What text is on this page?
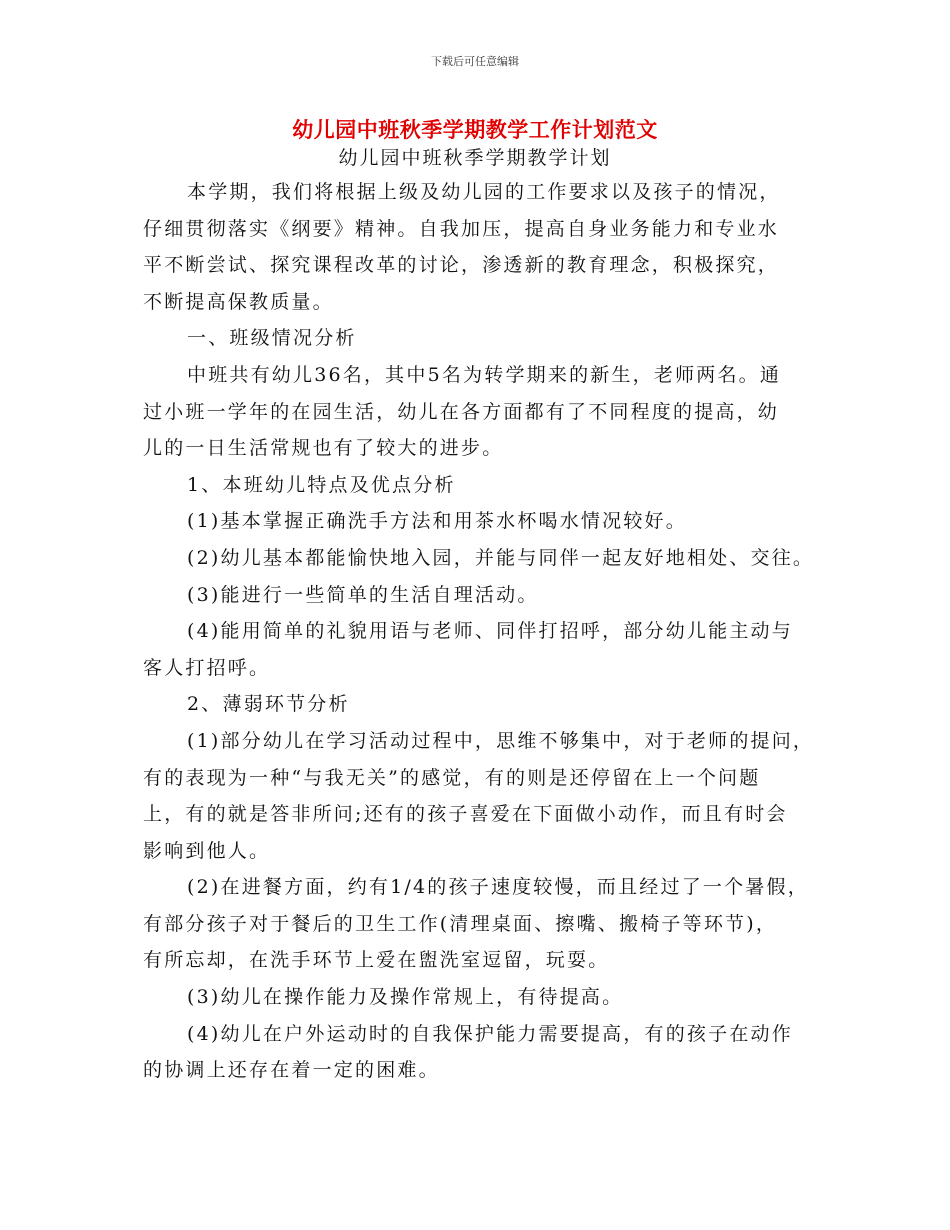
下载后可任意编辑
幼儿园中班秋季学期教学工作计划范文
幼儿园中班秋季学期教学计划
本学期，我们将根据上级及幼儿园的工作要求以及孩子的情况，
仔细贯彻落实《纲要》精神。自我加压，提高自身业务能力和专业水
平不断尝试、探究课程改革的讨论，渗透新的教育理念，积极探究，
不断提高保教质量。
一、班级情况分析
中班共有幼儿36名，其中5名为转学期来的新生，老师两名。通
过小班一学年的在园生活，幼儿在各方面都有了不同程度的提高，幼
儿的一日生活常规也有了较大的进步。
1、本班幼儿特点及优点分析
(1)基本掌握正确洗手方法和用茶水杯喝水情况较好。
(2)幼儿基本都能愉快地入园，并能与同伴一起友好地相处、交往。
(3)能进行一些简单的生活自理活动。
(4)能用简单的礼貌用语与老师、同伴打招呼，部分幼儿能主动与
客人打招呼。
2、薄弱环节分析
(1)部分幼儿在学习活动过程中，思维不够集中，对于老师的提问，
有的表现为一种“与我无关”的感觉，有的则是还停留在上一个问题
上，有的就是答非所问;还有的孩子喜爱在下面做小动作，而且有时会
影响到他人。
(2)在进餐方面，约有1/4的孩子速度较慢，而且经过了一个暑假，
有部分孩子对于餐后的卫生工作(清理桌面、擦嘴、搬椅子等环节)，
有所忘却，在洗手环节上爱在盥洗室逗留，玩耍。
(3)幼儿在操作能力及操作常规上，有待提高。
(4)幼儿在户外运动时的自我保护能力需要提高，有的孩子在动作
的协调上还存在着一定的困难。
